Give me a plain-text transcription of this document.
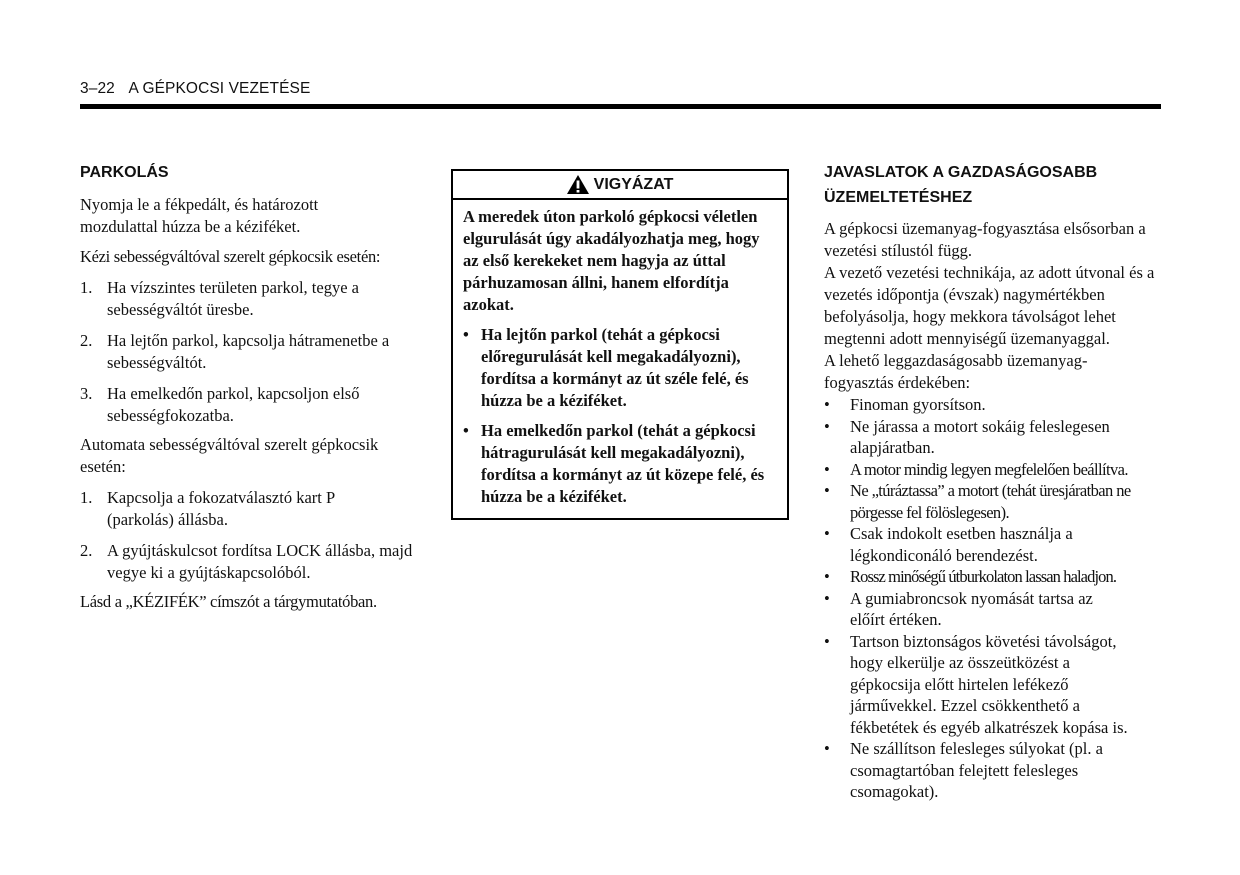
3–22 A GÉPKOCSI VEZETÉSE
PARKOLÁS
Nyomja le a fékpedált, és határozott mozdulattal húzza be a kéziféket.
Kézi sebességváltóval szerelt gépkocsik esetén:
1. Ha vízszintes területen parkol, tegye a sebességváltót üresbe.
2. Ha lejtőn parkol, kapcsolja hátramenetbe a sebességváltót.
3. Ha emelkedőn parkol, kapcsoljon első sebességfokozatba.
Automata sebességváltóval szerelt gépkocsik esetén:
1. Kapcsolja a fokozatválasztó kart P (parkolás) állásba.
2. A gyújtáskulcsot fordítsa LOCK állásba, majd vegye ki a gyújtáskapcsolóból.
Lásd a „KÉZIFÉK” címszót a tárgymutatóban.
VIGYÁZAT
A meredek úton parkoló gépkocsi véletlen elgurulását úgy akadályozhatja meg, hogy az első kerekeket nem hagyja az úttal párhuzamosan állni, hanem elfordítja azokat.
• Ha lejtőn parkol (tehát a gépkocsi előregurulását kell megakadályozni), fordítsa a kormányt az út széle felé, és húzza be a kéziféket.
• Ha emelkedőn parkol (tehát a gépkocsi hátragurulását kell megakadályozni), fordítsa a kormányt az út közepe felé, és húzza be a kéziféket.
JAVASLATOK A GAZDASÁGOSABB
ÜZEMELTETÉSHEZ
A gépkocsi üzemanyag-fogyasztása elsősorban a vezetési stílustól függ.
A vezető vezetési technikája, az adott útvonal és a vezetés időpontja (évszak) nagymértékben befolyásolja, hogy mekkora távolságot lehet megtenni adott mennyiségű üzemanyaggal.
A lehető leggazdaságosabb üzemanyag-fogyasztás érdekében:
•	Finoman gyorsítson.
•	Ne járassa a motort sokáig feleslegesen alapjáratban.
•	A motor mindig legyen megfelelően beállítva.
•	Ne „túráztassa” a motort (tehát üresjáratban ne pörgesse fel fölöslegesen).
•	Csak indokolt esetben használja a légkondiconáló berendezést.
•	Rossz minőségű útburkolaton lassan haladjon.
•	A gumiabroncsok nyomását tartsa az előírt értéken.
•	Tartson biztonságos követési távolságot, hogy elkerülje az összeütközést a gépkocsija előtt hirtelen lefékező járművekkel. Ezzel csökkenthető a fékbetétek és egyéb alkatrészek kopása is.
•	Ne szállítson felesleges súlyokat (pl. a csomagtartóban felejtett felesleges csomagokat).
